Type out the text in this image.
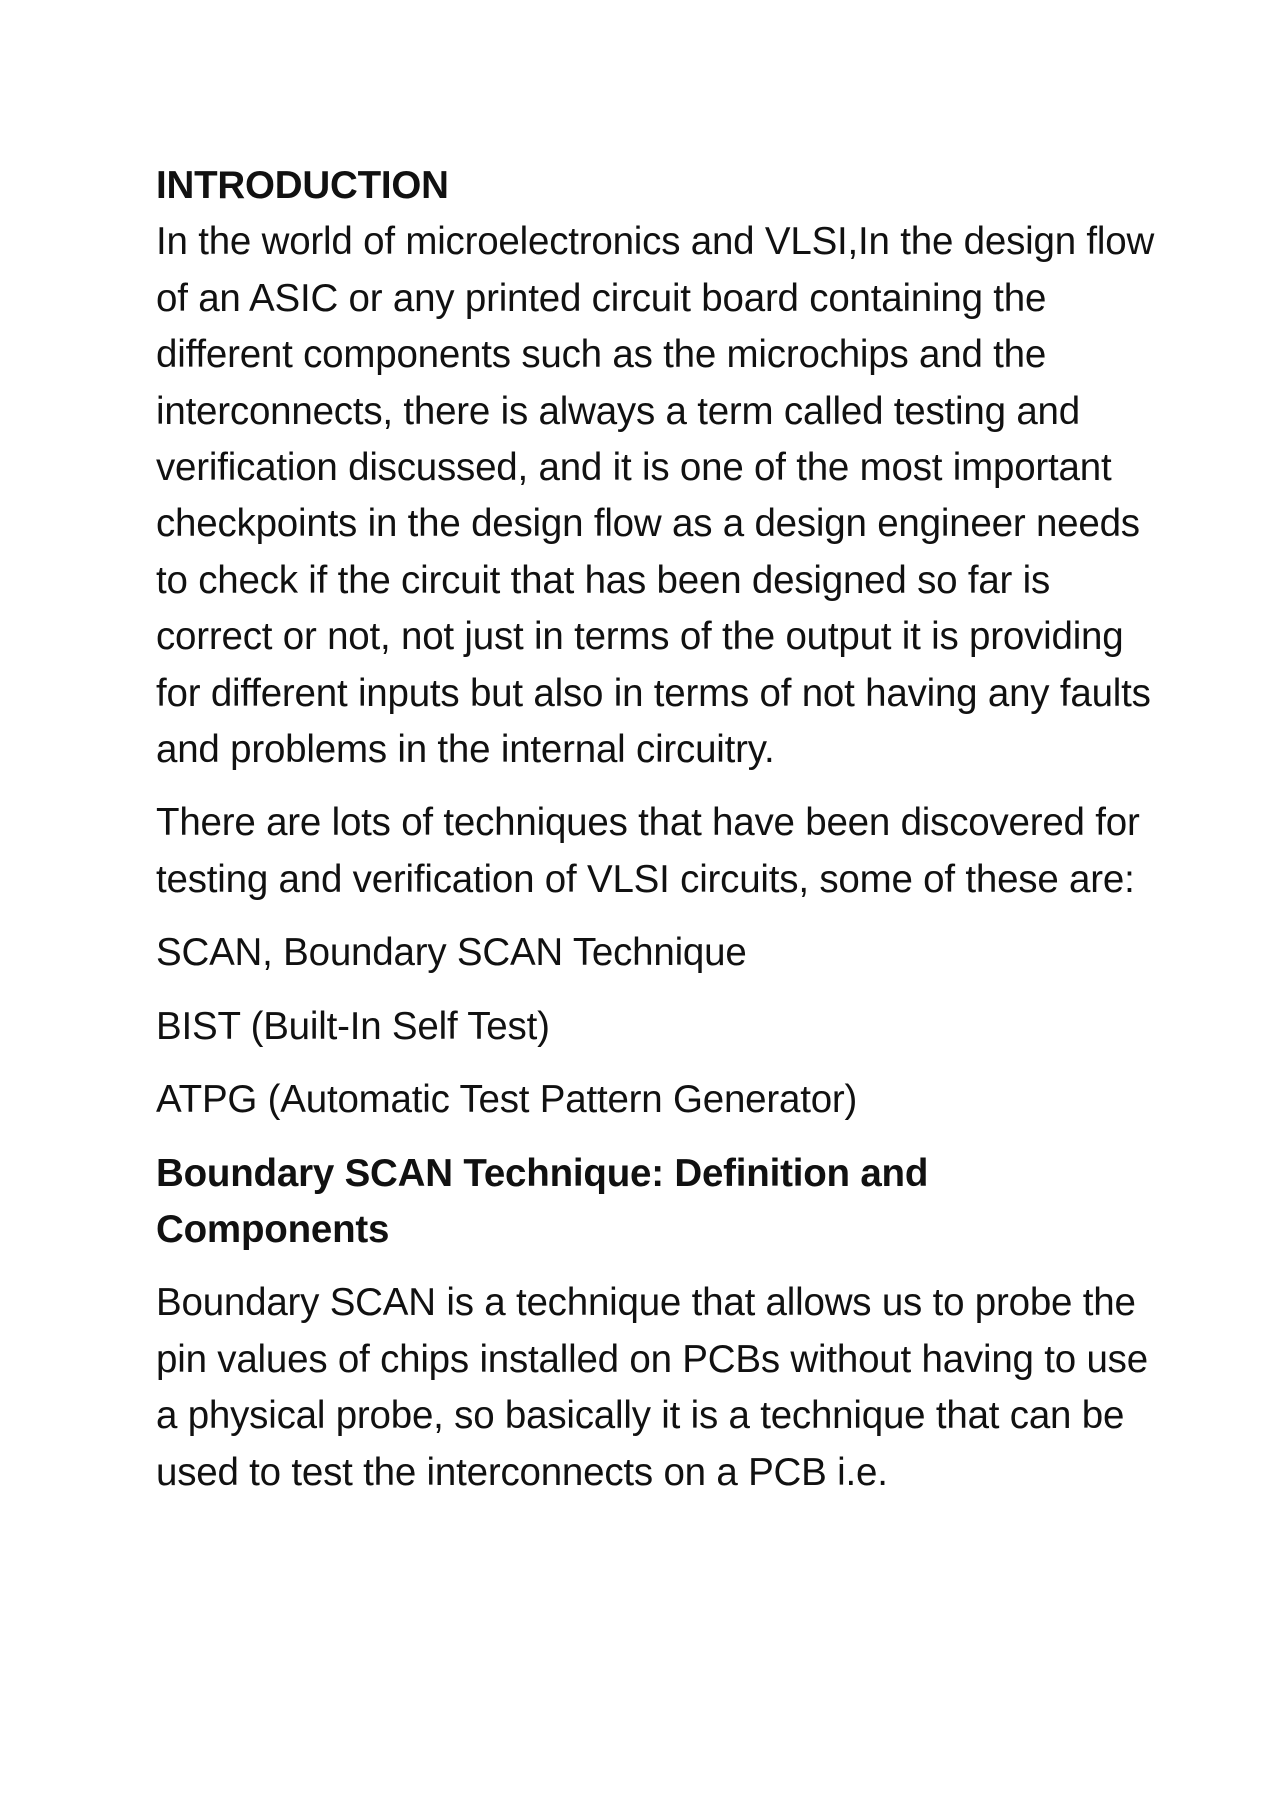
INTRODUCTION

In the world of microelectronics and VLSI,In the design flow of an ASIC or any printed circuit board containing the different components such as the microchips and the interconnects, there is always a term called testing and verification discussed, and it is one of the most important checkpoints in the design flow as a design engineer needs to check if the circuit that has been designed so far is correct or not, not just in terms of the output it is providing for different inputs but also in terms of not having any faults and problems in the internal circuitry.

There are lots of techniques that have been discovered for testing and verification of VLSI circuits, some of these are:

SCAN, Boundary SCAN Technique

BIST (Built-In Self Test)

ATPG (Automatic Test Pattern Generator)

Boundary SCAN Technique: Definition and Components

Boundary SCAN is a technique that allows us to probe the pin values of chips installed on PCBs without having to use a physical probe, so basically it is a technique that can be used to test the interconnects on a PCB i.e.
